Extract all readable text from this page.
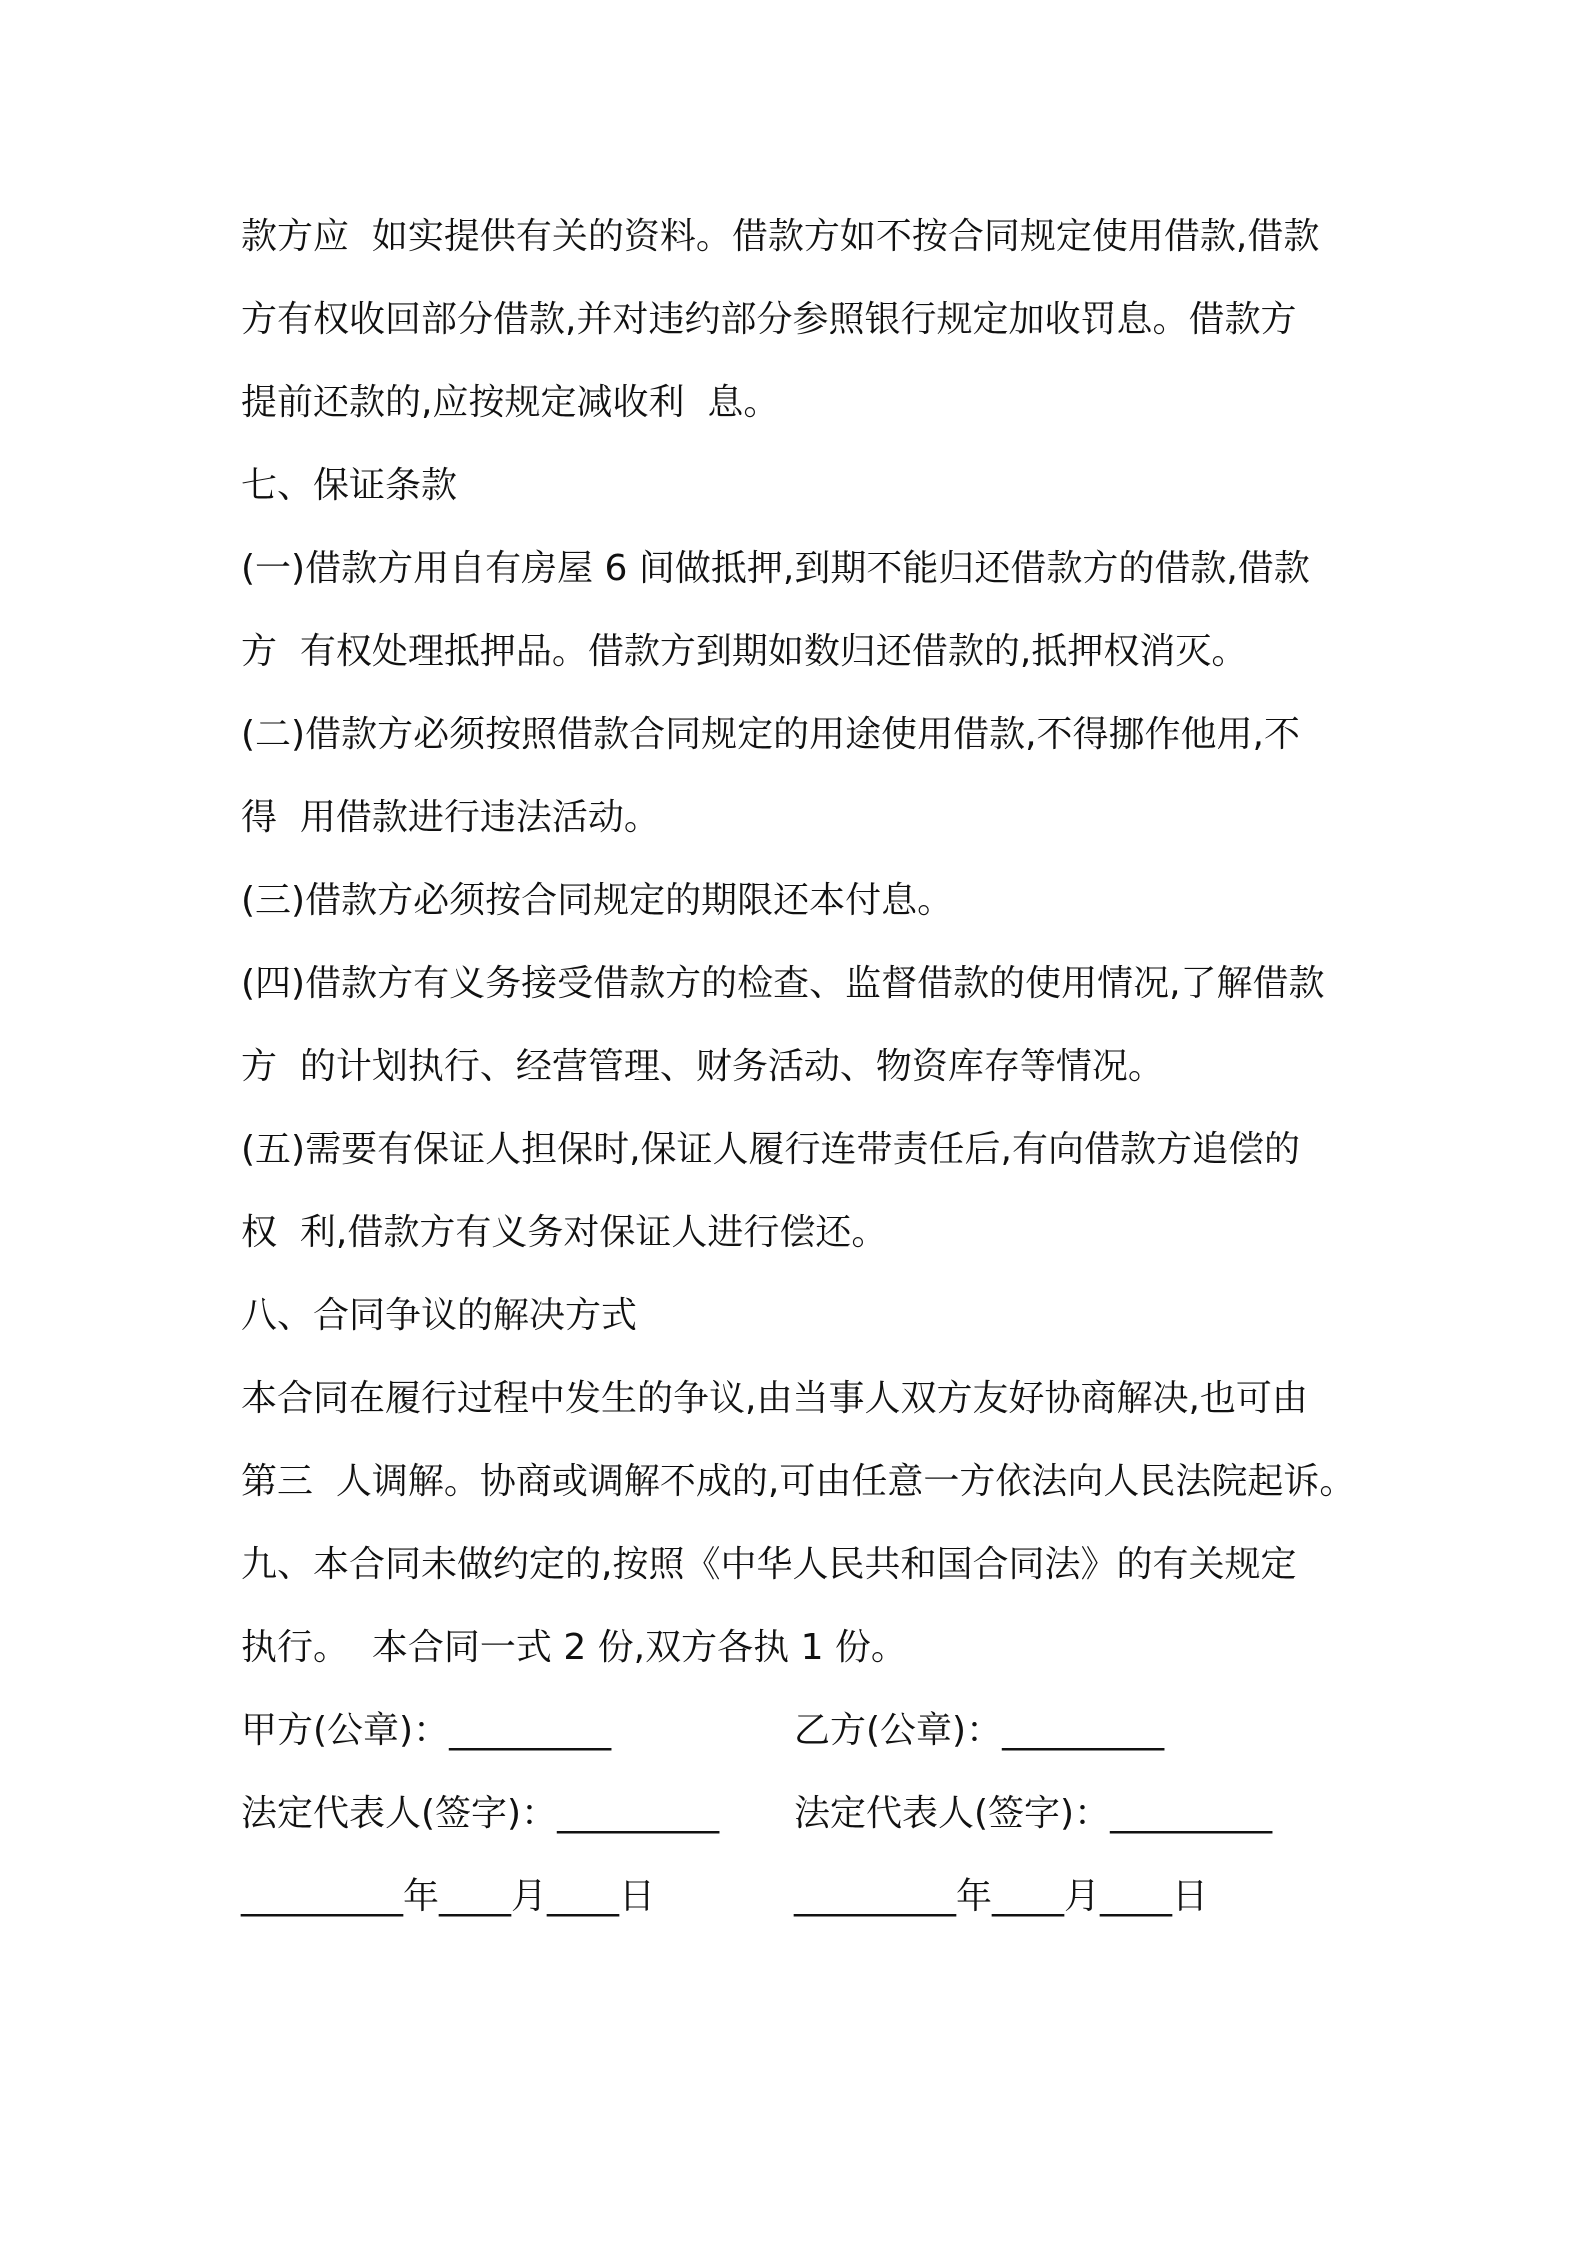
款方应  如实提供有关的资料。借款方如不按合同规定使用借款,借款
方有权收回部分借款,并对违约部分参照银行规定加收罚息。借款方
提前还款的,应按规定减收利  息。
七、保证条款
(一)借款方用自有房屋 6 间做抵押,到期不能归还借款方的借款,借款
方  有权处理抵押品。借款方到期如数归还借款的,抵押权消灭。
(二)借款方必须按照借款合同规定的用途使用借款,不得挪作他用,不
得  用借款进行违法活动。
(三)借款方必须按合同规定的期限还本付息。
(四)借款方有义务接受借款方的检查、监督借款的使用情况,了解借款
方  的计划执行、经营管理、财务活动、物资库存等情况。
(五)需要有保证人担保时,保证人履行连带责任后,有向借款方追偿的
权  利,借款方有义务对保证人进行偿还。
八、合同争议的解决方式
本合同在履行过程中发生的争议,由当事人双方友好协商解决,也可由
第三  人调解。协商或调解不成的,可由任意一方依法向人民法院起诉。
九、本合同未做约定的,按照《中华人民共和国合同法》的有关规定
执行。  本合同一式 2 份,双方各执 1 份。

甲方(公章)：_________

	乙方(公章)：_________

法定代表人(签字)：_________

法定代表人(签字)：_________

_________年____月____日

	_________年____月____日
